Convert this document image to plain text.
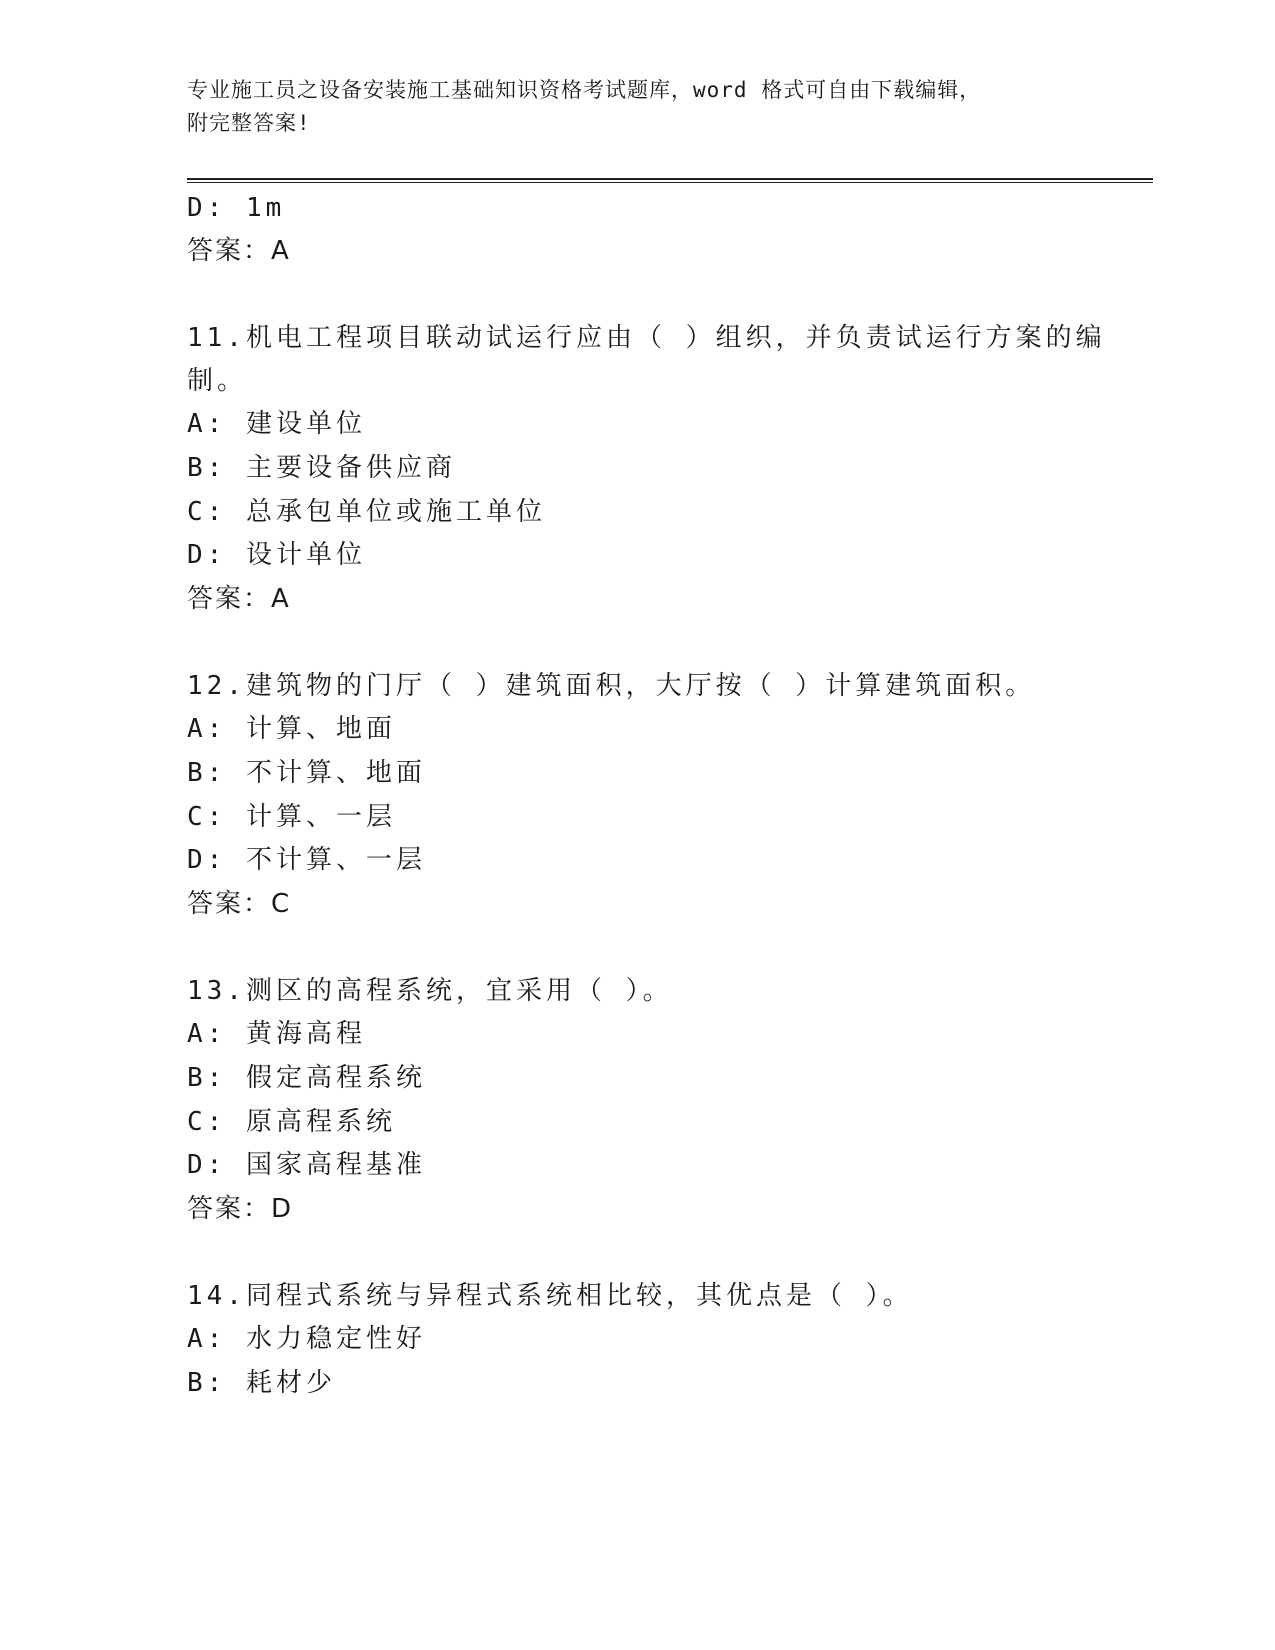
专业施工员之设备安装施工基础知识资格考试题库，word 格式可自由下载编辑，
附完整答案!
D: 1m
答案：A
11.机电工程项目联动试运行应由（ ）组织，并负责试运行方案的编
制。
A: 建设单位
B: 主要设备供应商
C: 总承包单位或施工单位
D: 设计单位
答案：A
12.建筑物的门厅（ ）建筑面积，大厅按（ ）计算建筑面积。
A: 计算、地面
B: 不计算、地面
C: 计算、一层
D: 不计算、一层
答案：C
13.测区的高程系统，宜采用（ ）。
A: 黄海高程
B: 假定高程系统
C: 原高程系统
D: 国家高程基准
答案：D
14.同程式系统与异程式系统相比较，其优点是（ ）。
A: 水力稳定性好
B: 耗材少
